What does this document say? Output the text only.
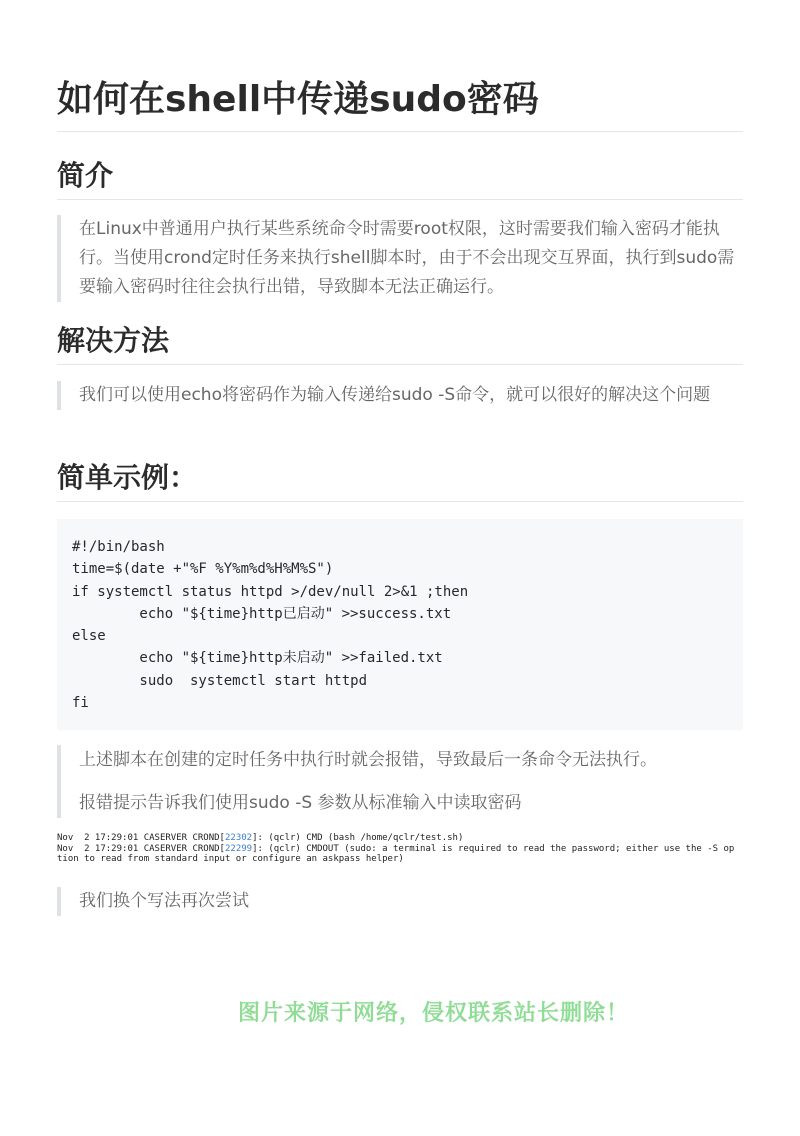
如何在shell中传递sudo密码
简介

在Linux中普通用户执行某些系统命令时需要root权限，这时需要我们输入密码才能执行。当使用crond定时任务来执行shell脚本时，由于不会出现交互界面，执行到sudo需要输入密码时往往会执行出错，导致脚本无法正确运行。

解决方法

我们可以使用echo将密码作为输入传递给sudo -S命令，就可以很好的解决这个问题

简单示例：
#!/bin/bash
time=$(date +"%F %Y%m%d%H%M%S")
if systemctl status httpd >/dev/null 2>&1 ;then
echo "${time}http已启动" >>success.txt
else
echo "${time}http未启动" >>failed.txt
sudo  systemctl start httpd
fi

上述脚本在创建的定时任务中执行时就会报错，导致最后一条命令无法执行。

报错提示告诉我们使用sudo -S 参数从标准输入中读取密码

Nov  2 17:29:01 CASERVER CROND[22302]: (qclr) CMD (bash /home/qclr/test.sh)
Nov  2 17:29:01 CASERVER CROND[22299]: (qclr) CMDOUT (sudo: a terminal is required to read the password; either use the -S op
tion to read from standard input or configure an askpass helper)

我们换个写法再次尝试

图片来源于网络，侵权联系站长删除！
